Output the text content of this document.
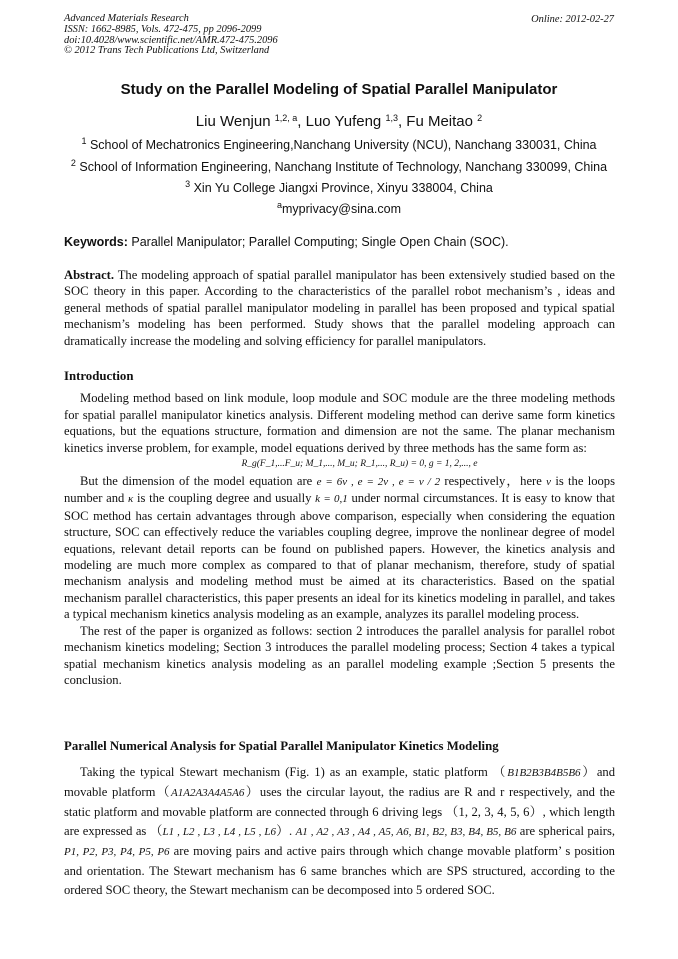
Advanced Materials Research
ISSN: 1662-8985, Vols. 472-475, pp 2096-2099
doi:10.4028/www.scientific.net/AMR.472-475.2096
© 2012 Trans Tech Publications Ltd, Switzerland
Online: 2012-02-27
Study on the Parallel Modeling of Spatial Parallel Manipulator
Liu Wenjun $^{1,2, a}$, Luo Yufeng $^{1,3}$, Fu Meitao $^2$
$^1$ School of Mechatronics Engineering,Nanchang University (NCU), Nanchang 330031, China
$^2$ School of Information Engineering, Nanchang Institute of Technology, Nanchang 330099, China
$^3$ Xin Yu College Jiangxi Province, Xinyu 338004, China
$^a$myprivacy@sina.com
Keywords: Parallel Manipulator; Parallel Computing; Single Open Chain (SOC).

Abstract. The modeling approach of spatial parallel manipulator has been extensively studied based on the SOC theory in this paper. According to the characteristics of the parallel robot mechanism’s , ideas and general methods of spatial parallel manipulator modeling in parallel has been proposed and typical spatial mechanism’s modeling has been performed. Study shows that the parallel modeling approach can dramatically increase the modeling and solving efficiency for parallel manipulators.

Introduction

Modeling method based on link module, loop module and SOC module are the three modeling methods for spatial parallel manipulator kinetics analysis. Different modeling method can derive same form kinetics equations, but the equations structure, formation and dimension are not the same. The planar mechanism kinetics inverse problem, for example, model equations derived by three methods has the same form as:

R_g(F_1,...F_u; M_1,..., M_u; R_1,..., R_u) = 0, g = 1, 2,..., e

But the dimension of the model equation are e = 6ν , e = 2ν , e = ν / 2 respectively，here ν is the loops number and κ is the coupling degree and usually k = 0,1 under normal circumstances. It is easy to know that SOC method has certain advantages through above comparison, especially when considering the equation structure, SOC can effectively reduce the variables coupling degree, improve the nonlinear degree of model equations, relevant detail reports can be found on published papers. However, the kinetics analysis and modeling are much more complex as compared to that of planar mechanism, therefore, study of spatial mechanism analysis and modeling method must be aimed at its characteristics. Based on the spatial mechanism parallel characteristics, this paper presents an ideal for its kinetics modeling in parallel, and takes a typical mechanism kinetics analysis modeling as an example, analyzes its parallel modeling process.

The rest of the paper is organized as follows: section 2 introduces the parallel analysis for parallel robot mechanism kinetics modeling; Section 3 introduces the parallel modeling process; Section 4 takes a typical spatial mechanism kinetics analysis modeling as an parallel modeling example ;Section 5 presents the conclusion.

Parallel Numerical Analysis for Spatial Parallel Manipulator Kinetics Modeling

Taking the typical Stewart mechanism (Fig. 1) as an example, static platform （B1B2B3B4B5B6）and movable platform（A1A2A3A4A5A6）uses the circular layout, the radius are R and r respectively, and the static platform and movable platform are connected through 6 driving legs （1, 2, 3, 4, 5, 6）, which length are expressed as （L1 , L2 , L3 , L4 , L5 , L6）. A1 , A2 , A3 , A4 , A5, A6, B1, B2, B3, B4, B5, B6 are spherical pairs, P1, P2, P3, P4, P5, P6 are moving pairs and active pairs through which change movable platform’ s position and orientation. The Stewart mechanism has 6 same branches which are SPS structured, according to the ordered SOC theory, the Stewart mechanism can be decomposed into 5 ordered SOC.
